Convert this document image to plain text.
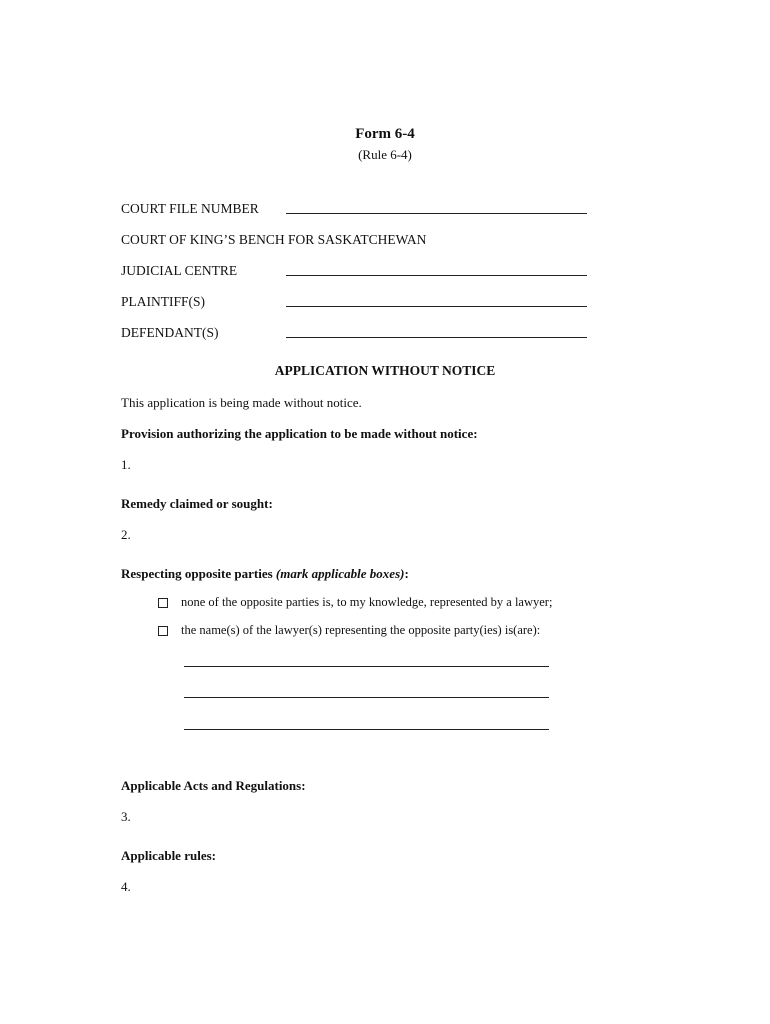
Form 6-4
(Rule 6-4)
COURT FILE NUMBER
COURT OF KING’S BENCH FOR SASKATCHEWAN
JUDICIAL CENTRE
PLAINTIFF(S)
DEFENDANT(S)
APPLICATION WITHOUT NOTICE
This application is being made without notice.
Provision authorizing the application to be made without notice:
1.
Remedy claimed or sought:
2.
Respecting opposite parties (mark applicable boxes):
none of the opposite parties is, to my knowledge, represented by a lawyer;
the name(s) of the lawyer(s) representing the opposite party(ies) is(are):
Applicable Acts and Regulations:
3.
Applicable rules:
4.
